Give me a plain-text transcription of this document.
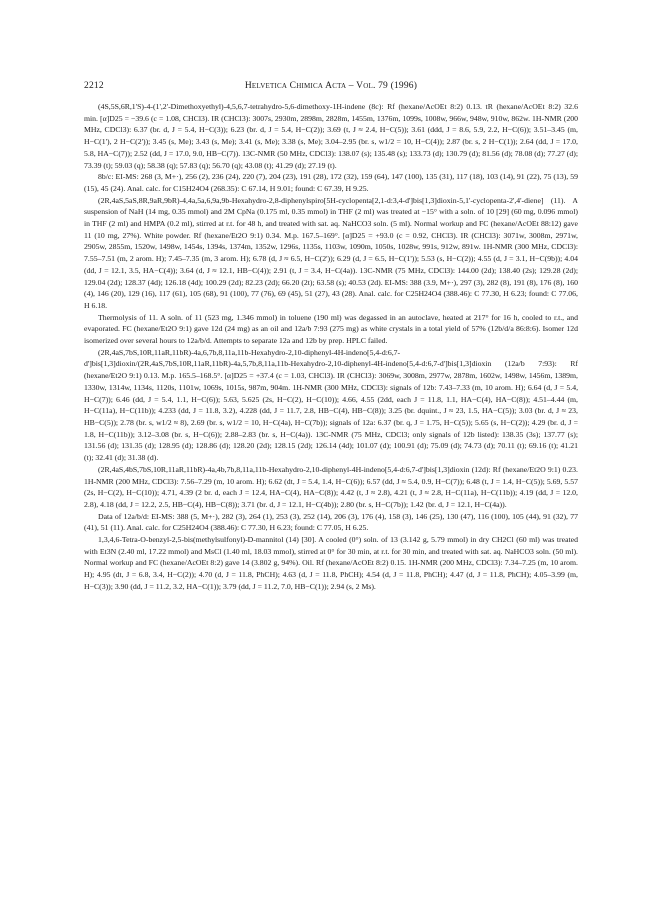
2212	Helvetica Chimica Acta – Vol. 79 (1996)

(4S,5S,6R,1'S)-4-(1',2'-Dimethoxyethyl)-4,5,6,7-tetrahydro-5,6-dimethoxy-1H-indene (8c): Rf (hexane/AcOEt 8:2) 0.13. tR (hexane/AcOEt 8:2) 32.6 min. [α]D25 = −39.6 (c = 1.08, CHCl3). IR (CHCl3): 3007s, 2930m, 2898m, 2828m, 1455m, 1376m, 1099s, 1008w, 966w, 948w, 910w, 862w. 1H-NMR (200 MHz, CDCl3): 6.37 (br. d, J = 5.4, H−C(3)); 6.23 (br. d, J = 5.4, H−C(2)); 3.69 (t, J ≈ 2.4, H−C(5)); 3.61 (ddd, J = 8.6, 5.9, 2.2, H−C(6)); 3.51–3.45 (m, H−C(1'), 2 H−C(2')); 3.45 (s, Me); 3.43 (s, Me); 3.41 (s, Me); 3.38 (s, Me); 3.04–2.95 (br. s, w1/2 = 10, H−C(4)); 2.87 (br. s, 2 H−C(1)); 2.64 (dd, J = 17.0, 5.8, HA−C(7)); 2.52 (dd, J = 17.0, 9.0, HB−C(7)). 13C-NMR (50 MHz, CDCl3): 138.07 (s); 135.48 (s); 133.73 (d); 130.79 (d); 81.56 (d); 78.08 (d); 77.27 (d); 73.39 (t); 59.03 (q); 58.38 (q); 57.83 (q); 56.70 (q); 43.08 (t); 41.29 (d); 27.19 (t).

8b/c: EI-MS: 268 (3, M+·), 256 (2), 236 (24), 220 (7), 204 (23), 191 (28), 172 (32), 159 (64), 147 (100), 135 (31), 117 (18), 103 (14), 91 (22), 75 (13), 59 (15), 45 (24). Anal. calc. for C15H24O4 (268.35): C 67.14, H 9.01; found: C 67.39, H 9.25.

(2R,4aS,5aS,8R,9aR,9bR)-4,4a,5a,6,9a,9b-Hexahydro-2,8-diphenylspiro[5H-cyclopenta[2,1-d:3,4-d']bis[1,3]dioxin-5,1'-cyclopenta-2',4'-diene] (11). A suspension of NaH (14 mg, 0.35 mmol) and 2M CpNa (0.175 ml, 0.35 mmol) in THF (2 ml) was treated at −15° with a soln. of 10 [29] (60 mg, 0.096 mmol) in THF (2 ml) and HMPA (0.2 ml), stirred at r.t. for 48 h, and treated with sat. aq. NaHCO3 soln. (5 ml). Normal workup and FC (hexane/AcOEt 88:12) gave 11 (10 mg, 27%). White powder. Rf (hexane/Et2O 9:1) 0.34. M.p. 167.5–169°. [α]D25 = +93.0 (c = 0.92, CHCl3). IR (CHCl3): 3071w, 3008m, 2971w, 2905w, 2855m, 1520w, 1498w, 1454s, 1394s, 1374m, 1352w, 1296s, 1135s, 1103w, 1090m, 1050s, 1028w, 991s, 912w, 891w. 1H-NMR (300 MHz, CDCl3): 7.55–7.51 (m, 2 arom. H); 7.45–7.35 (m, 3 arom. H); 6.78 (d, J ≈ 6.5, H−C(2')); 6.29 (d, J = 6.5, H−C(1')); 5.53 (s, H−C(2)); 4.55 (d, J = 3.1, H−C(9b)); 4.04 (dd, J = 12.1, 3.5, HA−C(4)); 3.64 (d, J ≈ 12.1, HB−C(4)); 2.91 (t, J = 3.4, H−C(4a)). 13C-NMR (75 MHz, CDCl3): 144.00 (2d); 138.40 (2s); 129.28 (2d); 129.04 (2d); 128.37 (4d); 126.18 (4d); 100.29 (2d); 82.23 (2d); 66.20 (2t); 63.58 (s); 40.53 (2d). EI-MS: 388 (3.9, M+·), 297 (3), 282 (8), 191 (8), 176 (8), 160 (4), 146 (20), 129 (16), 117 (61), 105 (68), 91 (100), 77 (76), 69 (45), 51 (27), 43 (28). Anal. calc. for C25H24O4 (388.46): C 77.30, H 6.23; found: C 77.06, H 6.18.

Thermolysis of 11. A soln. of 11 (523 mg, 1.346 mmol) in toluene (190 ml) was degassed in an autoclave, heated at 217° for 16 h, cooled to r.t., and evaporated. FC (hexane/Et2O 9:1) gave 12d (24 mg) as an oil and 12a/b 7:93 (275 mg) as white crystals in a total yield of 57% (12b/d/a 86:8:6). Isomer 12d isomerized over several hours to 12a/b/d. Attempts to separate 12a and 12b by prep. HPLC failed.

(2R,4aS,7bS,10R,11aR,11bR)-4a,6,7b,8,11a,11b-Hexahydro-2,10-diphenyl-4H-indeno[5,4-d:6,7-d']bis[1,3]dioxin/(2R,4aS,7bS,10R,11aR,11bR)-4a,5,7b,8,11a,11b-Hexahydro-2,10-diphenyl-4H-indeno[5,4-d:6,7-d']bis[1,3]dioxin (12a/b 7:93): Rf (hexane/Et2O 9:1) 0.13. M.p. 165.5–168.5°. [α]D25 = +37.4 (c = 1.03, CHCl3). IR (CHCl3): 3069w, 3008m, 2977w, 2878m, 1602w, 1498w, 1456m, 1389m, 1330w, 1314w, 1134s, 1120s, 1101w, 1069s, 1015s, 987m, 904m. 1H-NMR (300 MHz, CDCl3): signals of 12b: 7.43–7.33 (m, 10 arom. H); 6.64 (d, J = 5.4, H−C(7)); 6.46 (dd, J = 5.4, 1.1, H−C(6)); 5.63, 5.625 (2s, H−C(2), H−C(10)); 4.66, 4.55 (2dd, each J = 11.8, 1.1, HA−C(4), HA−C(8)); 4.51–4.44 (m, H−C(11a), H−C(11b)); 4.233 (dd, J = 11.8, 3.2), 4.228 (dd, J = 11.7, 2.8, HB−C(4), HB−C(8)); 3.25 (br. dquint., J ≈ 23, 1.5, HA−C(5)); 3.03 (br. d, J ≈ 23, HB−C(5)); 2.78 (br. s, w1/2 ≈ 8), 2.69 (br. s, w1/2 = 10, H−C(4a), H−C(7b)); signals of 12a: 6.37 (br. q, J = 1.75, H−C(5)); 5.65 (s, H−C(2)); 4.29 (br. d, J = 1.8, H−C(11b)); 3.12–3.08 (br. s, H−C(6)); 2.88–2.83 (br. s, H−C(4a)). 13C-NMR (75 MHz, CDCl3; only signals of 12b listed): 138.35 (3s); 137.77 (s); 131.56 (d); 131.35 (d); 128.95 (d); 128.86 (d); 128.20 (2d); 128.15 (2d); 126.14 (4d); 101.07 (d); 100.91 (d); 75.09 (d); 74.73 (d); 70.11 (t); 69.16 (t); 41.21 (t); 32.41 (d); 31.38 (d).

(2R,4aS,4bS,7bS,10R,11aR,11bR)-4a,4b,7b,8,11a,11b-Hexahydro-2,10-diphenyl-4H-indeno[5,4-d:6,7-d']bis[1,3]dioxin (12d): Rf (hexane/Et2O 9:1) 0.23. 1H-NMR (200 MHz, CDCl3): 7.56–7.29 (m, 10 arom. H); 6.62 (dt, J = 5.4, 1.4, H−C(6)); 6.57 (dd, J ≈ 5.4, 0.9, H−C(7)); 6.48 (t, J = 1.4, H−C(5)); 5.69, 5.57 (2s, H−C(2), H−C(10)); 4.71, 4.39 (2 br. d, each J = 12.4, HA−C(4), HA−C(8)); 4.42 (t, J ≈ 2.8), 4.21 (t, J ≈ 2.8, H−C(11a), H−C(11b)); 4.19 (dd, J = 12.0, 2.8), 4.18 (dd, J = 12.2, 2.5, HB−C(4), HB−C(8)); 3.71 (br. d, J = 12.1, H−C(4b)); 2.80 (br. s, H−C(7b)); 1.42 (br. d, J = 12.1, H−C(4a)).

Data of 12a/b/d: EI-MS: 388 (5, M+·), 282 (3), 264 (1), 253 (3), 252 (14), 206 (3), 176 (4), 158 (3), 146 (25), 130 (47), 116 (100), 105 (44), 91 (32), 77 (41), 51 (11). Anal. calc. for C25H24O4 (388.46): C 77.30, H 6.23; found: C 77.05, H 6.25.

1,3,4,6-Tetra-O-benzyl-2,5-bis(methylsulfonyl)-D-mannitol (14) [30]. A cooled (0°) soln. of 13 (3.142 g, 5.79 mmol) in dry CH2Cl (60 ml) was treated with Et3N (2.40 ml, 17.22 mmol) and MsCl (1.40 ml, 18.03 mmol), stirred at 0° for 30 min, at r.t. for 30 min, and treated with sat. aq. NaHCO3 soln. (50 ml). Normal workup and FC (hexane/AcOEt 8:2) gave 14 (3.802 g, 94%). Oil. Rf (hexane/AcOEt 8:2) 0.15. 1H-NMR (200 MHz, CDCl3): 7.34–7.25 (m, 10 arom. H); 4.95 (dt, J = 6.8, 3.4, H−C(2)); 4.70 (d, J = 11.8, PhCH); 4.63 (d, J = 11.8, PhCH); 4.54 (d, J = 11.8, PhCH); 4.47 (d, J = 11.8, PhCH); 4.05–3.99 (m, H−C(3)); 3.90 (dd, J = 11.2, 3.2, HA−C(1)); 3.79 (dd, J = 11.2, 7.0, HB−C(1)); 2.94 (s, 2 Ms).
